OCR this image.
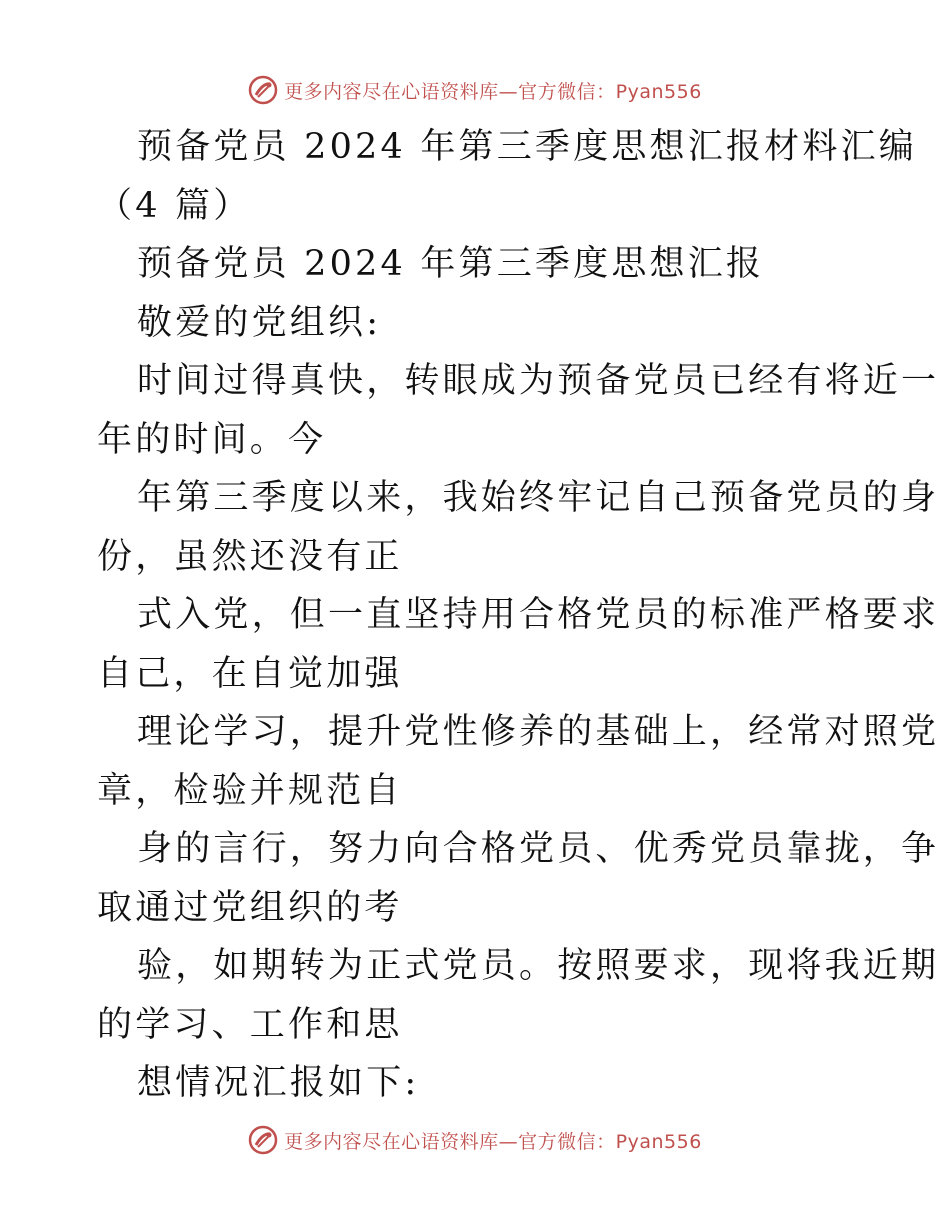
更多内容尽在心语资料库—官方微信：Pyan556
预备党员 2024 年第三季度思想汇报材料汇编
（4 篇）
预备党员 2024 年第三季度思想汇报
敬爱的党组织:
时间过得真快，转眼成为预备党员已经有将近一
年的时间。今
年第三季度以来，我始终牢记自己预备党员的身
份，虽然还没有正
式入党，但一直坚持用合格党员的标准严格要求
自己，在自觉加强
理论学习，提升党性修养的基础上，经常对照党
章，检验并规范自
身的言行，努力向合格党员、优秀党员靠拢，争
取通过党组织的考
验，如期转为正式党员。按照要求，现将我近期
的学习、工作和思
想情况汇报如下:
更多内容尽在心语资料库—官方微信：Pyan556
